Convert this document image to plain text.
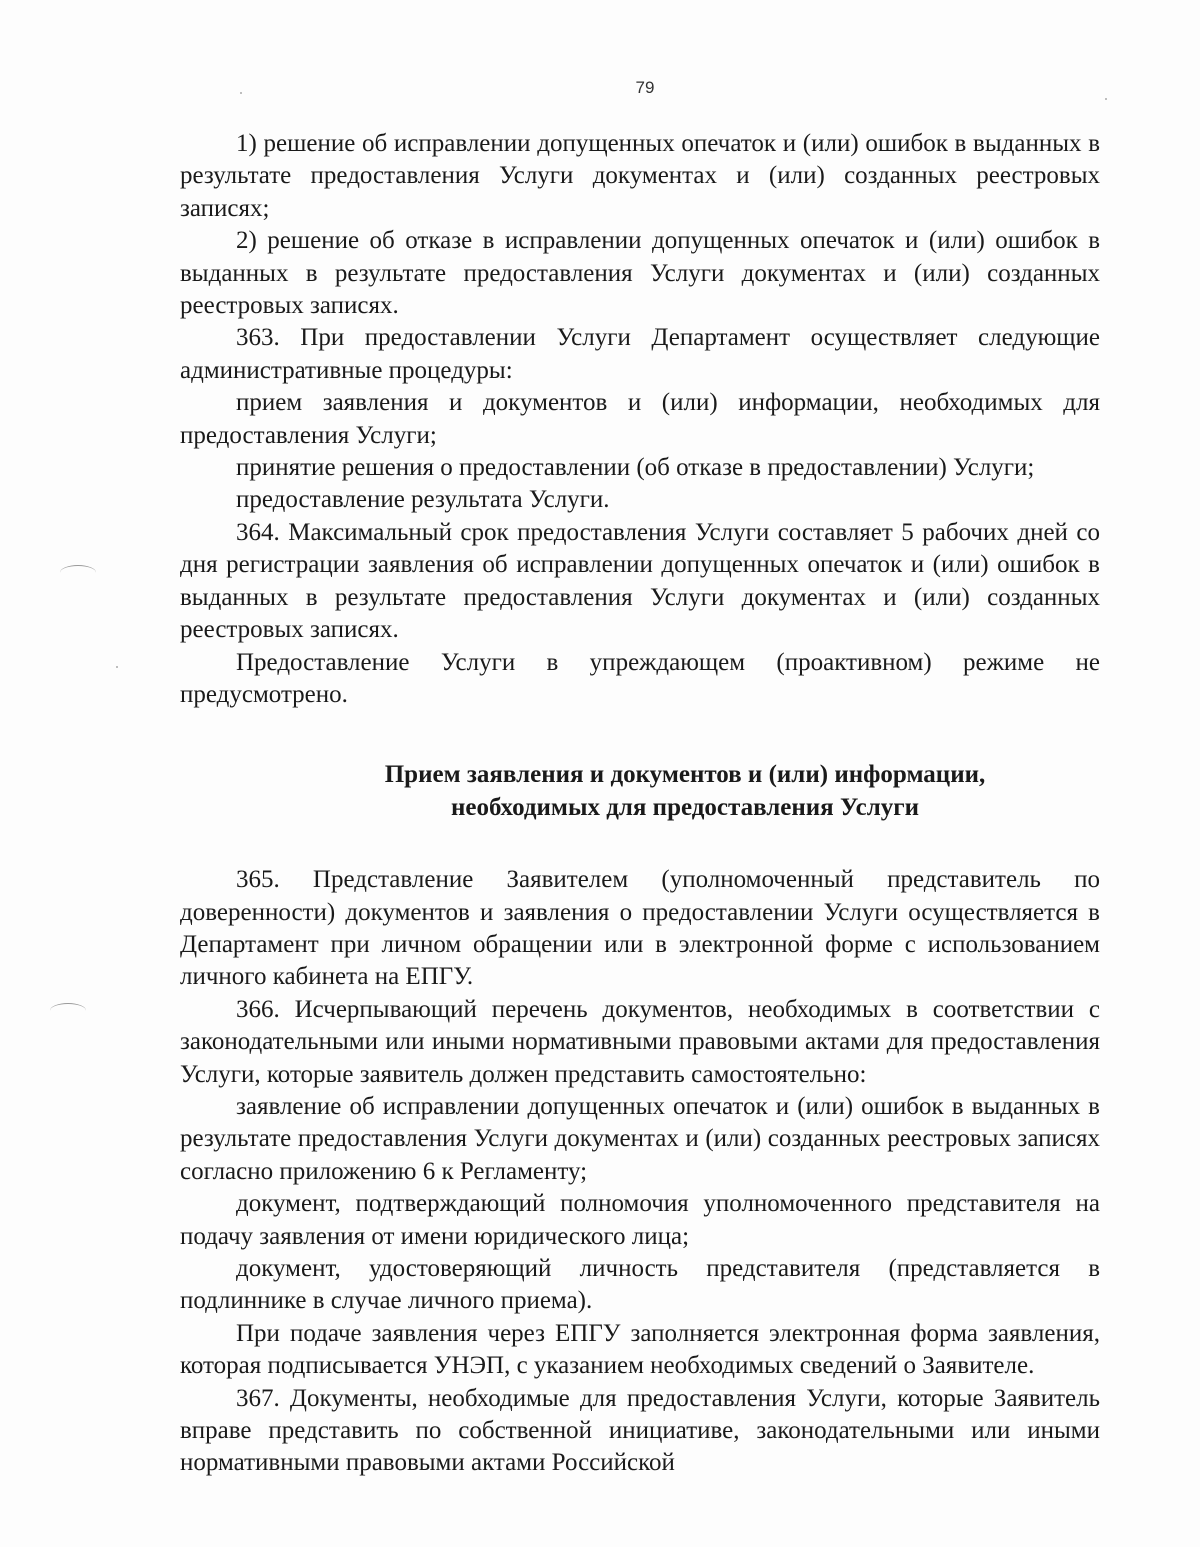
79

1) решение об исправлении допущенных опечаток и (или) ошибок в выданных в результате предоставления Услуги документах и (или) созданных реестровых записях;

2) решение об отказе в исправлении допущенных опечаток и (или) ошибок в выданных в результате предоставления Услуги документах и (или) созданных реестровых записях.

363. При предоставлении Услуги Департамент осуществляет следующие административные процедуры:

прием заявления и документов и (или) информации, необходимых для предоставления Услуги;

принятие решения о предоставлении (об отказе в предоставлении) Услуги;

предоставление результата Услуги.

364. Максимальный срок предоставления Услуги составляет 5 рабочих дней со дня регистрации заявления об исправлении допущенных опечаток и (или) ошибок в выданных в результате предоставления Услуги документах и (или) созданных реестровых записях.

Предоставление Услуги в упреждающем (проактивном) режиме не предусмотрено.

Прием заявления и документов и (или) информации,
необходимых для предоставления Услуги

365. Представление Заявителем (уполномоченный представитель по доверенности) документов и заявления о предоставлении Услуги осуществляется в Департамент при личном обращении или в электронной форме с использованием личного кабинета на ЕПГУ.

366. Исчерпывающий перечень документов, необходимых в соответствии с законодательными или иными нормативными правовыми актами для предоставления Услуги, которые заявитель должен представить самостоятельно:

заявление об исправлении допущенных опечаток и (или) ошибок в выданных в результате предоставления Услуги документах и (или) созданных реестровых записях согласно приложению 6 к Регламенту;

документ, подтверждающий полномочия уполномоченного представителя на подачу заявления от имени юридического лица;

документ, удостоверяющий личность представителя (представляется в подлиннике в случае личного приема).

При подаче заявления через ЕПГУ заполняется электронная форма заявления, которая подписывается УНЭП, с указанием необходимых сведений о Заявителе.

367. Документы, необходимые для предоставления Услуги, которые Заявитель вправе представить по собственной инициативе, законодательными или иными нормативными правовыми актами Российской
